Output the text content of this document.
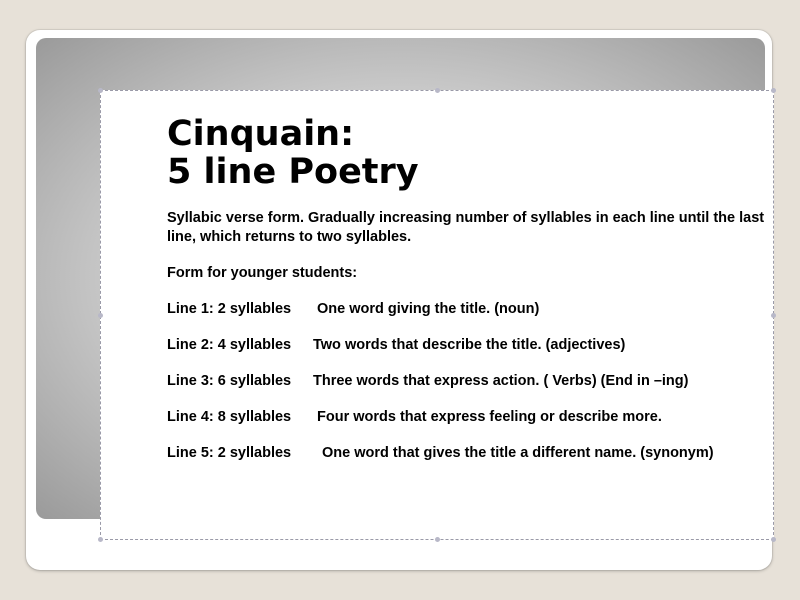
Cinquain:

5 line Poetry

Syllabic verse form. Gradually increasing number of syllables in each line until the last line, which returns to two syllables.

Form for younger students:

Line 1: 2 syllables One word giving the title. (noun)

Line 2: 4 syllables Two words that describe the title. (adjectives)

Line 3: 6 syllables Three words that express action. ( Verbs) (End in –ing)

Line 4: 8 syllables Four words that express feeling or describe more.

Line 5: 2 syllables One word that gives the title a different name. (synonym)
